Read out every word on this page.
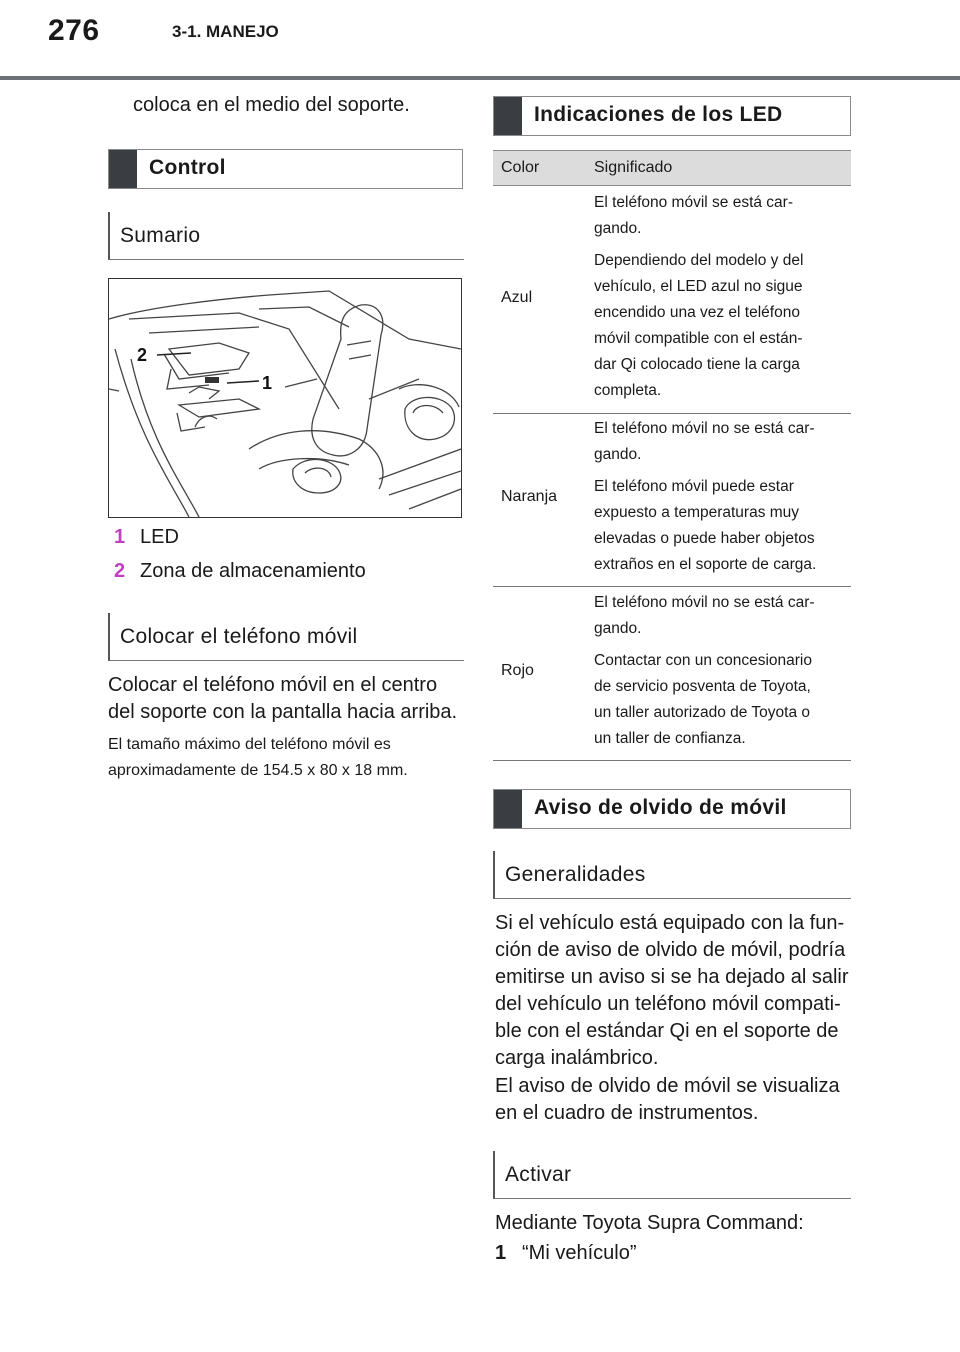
276	3-1. MANEJO
coloca en el medio del soporte.
Control
Sumario
2
1
1 LED
2 Zona de almacenamiento
Colocar el teléfono móvil
Colocar el teléfono móvil en el centro
del soporte con la pantalla hacia arriba.
El tamaño máximo del teléfono móvil es
aproximadamente de 154.5 x 80 x 18 mm.
Indicaciones de los LED
Color	Significado
Azul
El teléfono móvil se está car-
gando.
Dependiendo del modelo y del
vehículo, el LED azul no sigue
encendido una vez el teléfono
móvil compatible con el están-
dar Qi colocado tiene la carga
completa.
Naranja
El teléfono móvil no se está car-
gando.
El teléfono móvil puede estar
expuesto a temperaturas muy
elevadas o puede haber objetos
extraños en el soporte de carga.
Rojo
El teléfono móvil no se está car-
gando.
Contactar con un concesionario
de servicio posventa de Toyota,
un taller autorizado de Toyota o
un taller de confianza.
Aviso de olvido de móvil
Generalidades
Si el vehículo está equipado con la fun-
ción de aviso de olvido de móvil, podría
emitirse un aviso si se ha dejado al salir
del vehículo un teléfono móvil compati-
ble con el estándar Qi en el soporte de
carga inalámbrico.
El aviso de olvido de móvil se visualiza
en el cuadro de instrumentos.
Activar
Mediante Toyota Supra Command:
1 “Mi vehículo”
